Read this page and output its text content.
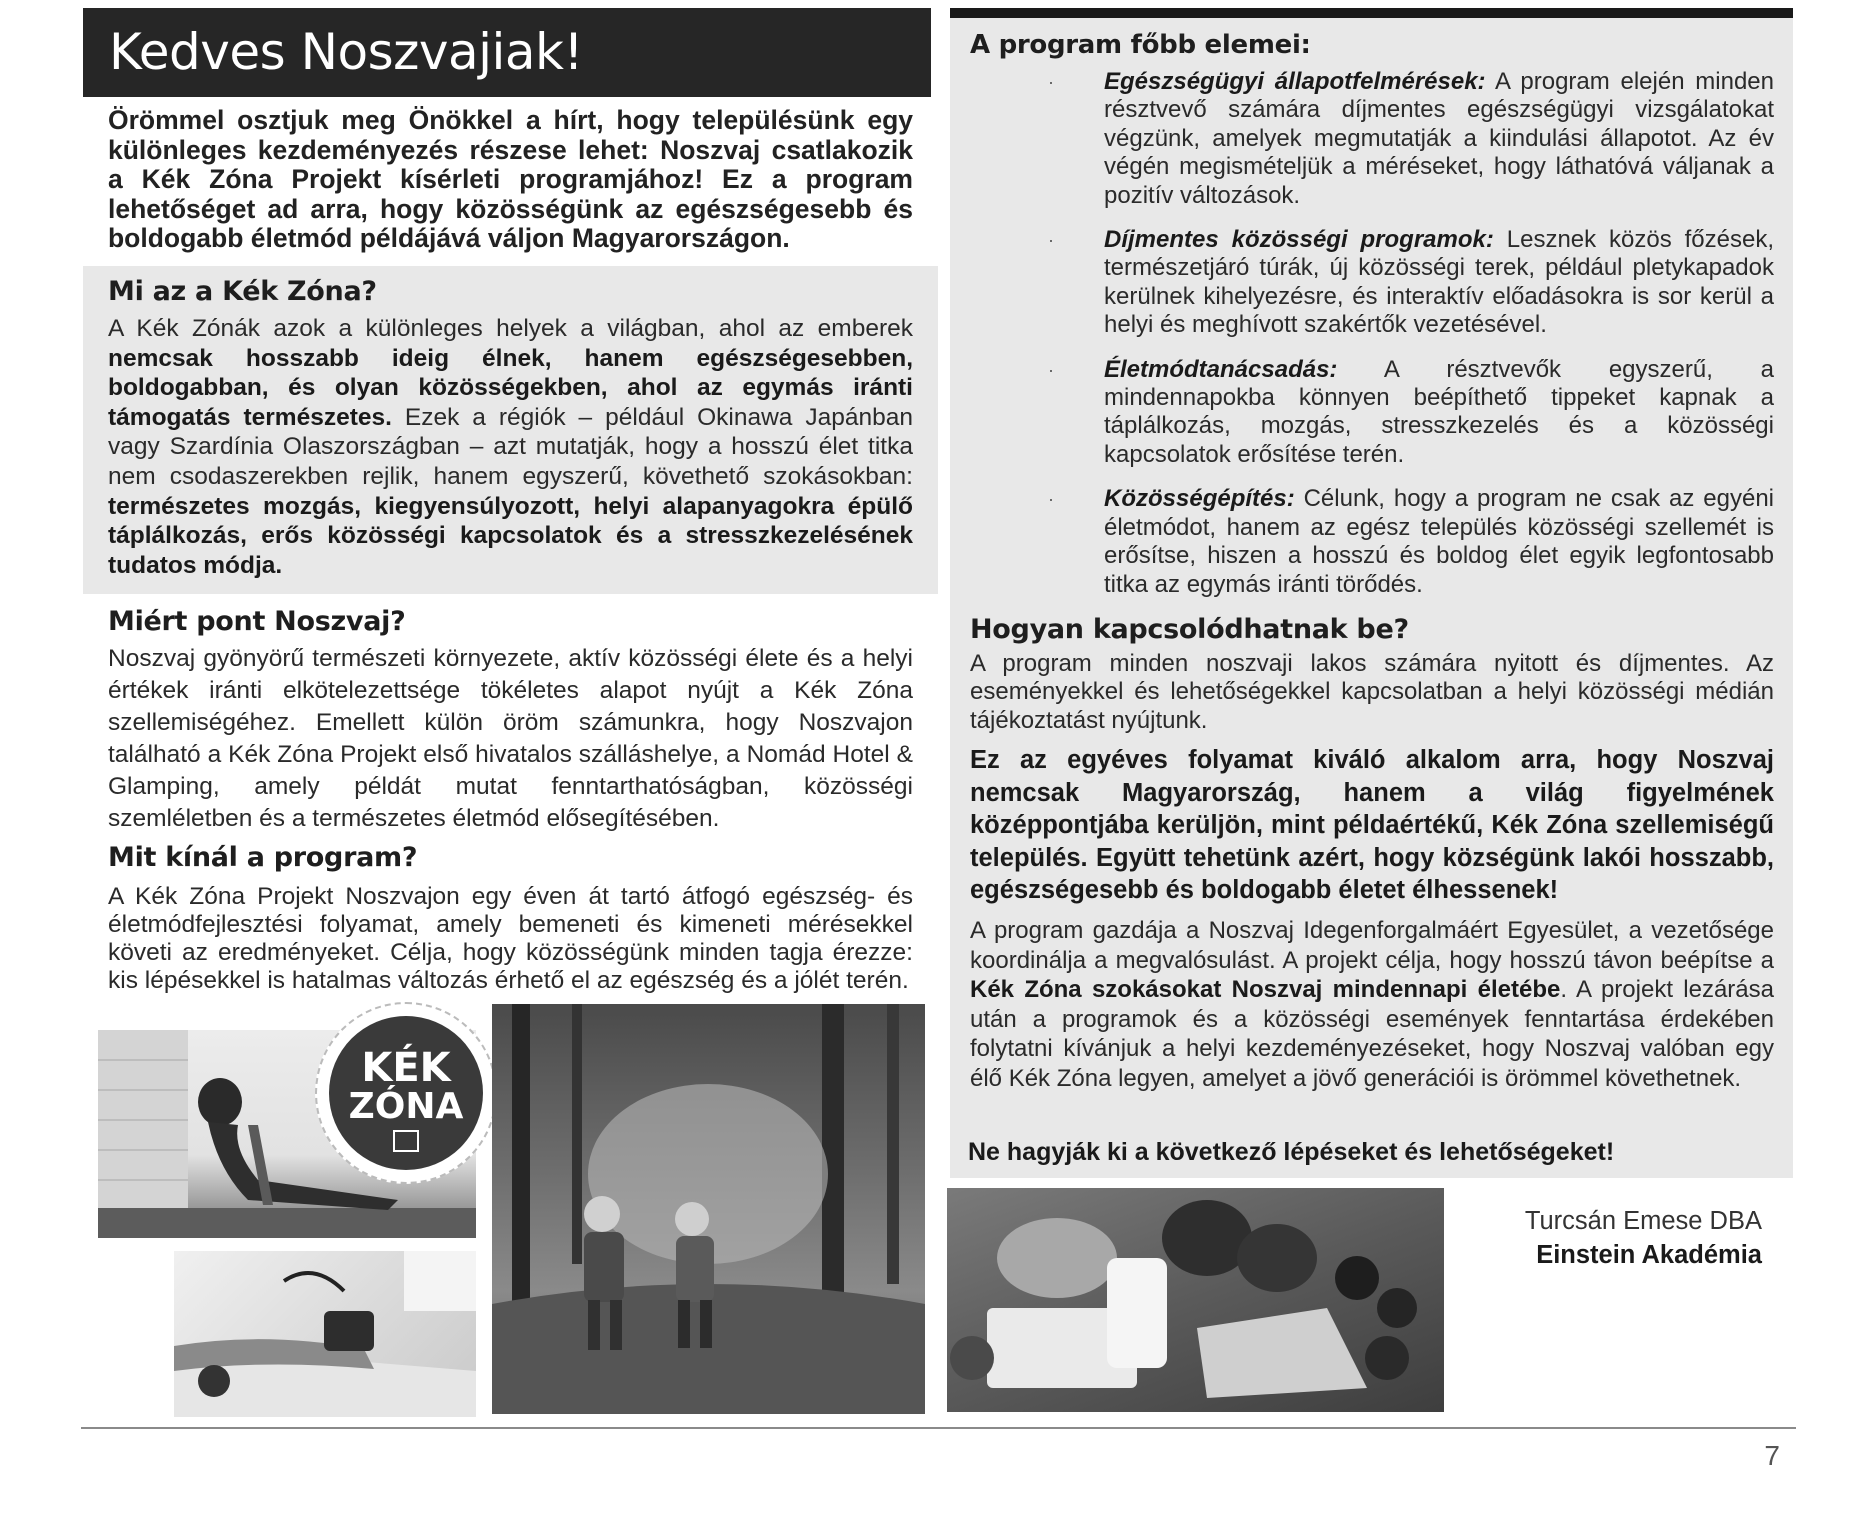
Kedves Noszvajiak!

Örömmel osztjuk meg Önökkel a hírt, hogy településünk egy különleges kezdeményezés részese lehet: Noszvaj csatlakozik a Kék Zóna Projekt kísérleti programjához! Ez a program lehetőséget ad arra, hogy közösségünk az egészségesebb és boldogabb életmód példájává váljon Magyarországon.

Mi az a Kék Zóna?

A Kék Zónák azok a különleges helyek a világban, ahol az emberek nemcsak hosszabb ideig élnek, hanem egészségesebben, boldogabban, és olyan közösségekben, ahol az egymás iránti támogatás természetes. Ezek a régiók – például Okinawa Japánban vagy Szardínia Olaszországban – azt mutatják, hogy a hosszú élet titka nem csodaszerekben rejlik, hanem egyszerű, követhető szokásokban: természetes mozgás, kiegyensúlyozott, helyi alapanyagokra épülő táplálkozás, erős közösségi kapcsolatok és a stresszkezelésének tudatos módja.

Miért pont Noszvaj?

Noszvaj gyönyörű természeti környezete, aktív közösségi élete és a helyi értékek iránti elkötelezettsége tökéletes alapot nyújt a Kék Zóna szellemiségéhez. Emellett külön öröm számunkra, hogy Noszvajon található a Kék Zóna Projekt első hivatalos szálláshelye, a Nomád Hotel & Glamping, amely példát mutat fenntarthatóságban, közösségi szemléletben és a természetes életmód elősegítésében.

Mit kínál a program?

A Kék Zóna Projekt Noszvajon egy éven át tartó átfogó egészség- és életmódfejlesztési folyamat, amely bemeneti és kimeneti mérésekkel követi az eredményeket. Célja, hogy közösségünk minden tagja érezze: kis lépésekkel is hatalmas változás érhető el az egészség és a jólét terén.

KÉK
ZÓNA
A program főbb elemei:
· Egészségügyi állapotfelmérések: A program elején minden résztvevő számára díjmentes egészségügyi vizsgálatokat végzünk, amelyek megmutatják a kiindulási állapotot. Az év végén megismételjük a méréseket, hogy láthatóvá váljanak a pozitív változások.
· Díjmentes közösségi programok: Lesznek közös főzések, természetjáró túrák, új közösségi terek, például pletykapadok kerülnek kihelyezésre, és interaktív előadásokra is sor kerül a helyi és meghívott szakértők vezetésével.
· Életmódtanácsadás: A résztvevők egyszerű, a mindennapokba könnyen beépíthető tippeket kapnak a táplálkozás, mozgás, stresszkezelés és a közösségi kapcsolatok erősítése terén.
· Közösségépítés: Célunk, hogy a program ne csak az egyéni életmódot, hanem az egész település közösségi szellemét is erősítse, hiszen a hosszú és boldog élet egyik legfontosabb titka az egymás iránti törődés.
Hogyan kapcsolódhatnak be?

A program minden noszvaji lakos számára nyitott és díjmentes. Az eseményekkel és lehetőségekkel kapcsolatban a helyi közösségi médián tájékoztatást nyújtunk.

Ez az egyéves folyamat kiváló alkalom arra, hogy Noszvaj nemcsak Magyarország, hanem a világ figyelmének középpontjába kerüljön, mint példaértékű, Kék Zóna szellemiségű település. Együtt tehetünk azért, hogy községünk lakói hosszabb, egészségesebb és boldogabb életet élhessenek!

A program gazdája a Noszvaj Idegenforgalmáért Egyesület, a vezetősége koordinálja a megvalósulást. A projekt célja, hogy hosszú távon beépítse a Kék Zóna szokásokat Noszvaj mindennapi életébe. A projekt lezárása után a programok és a közösségi események fenntartása érdekében folytatni kívánjuk a helyi kezdeményezéseket, hogy Noszvaj valóban egy élő Kék Zóna legyen, amelyet a jövő generációi is örömmel követhetnek.

Ne hagyják ki a következő lépéseket és lehetőségeket!

Turcsán Emese DBA
Einstein Akadémia
7
